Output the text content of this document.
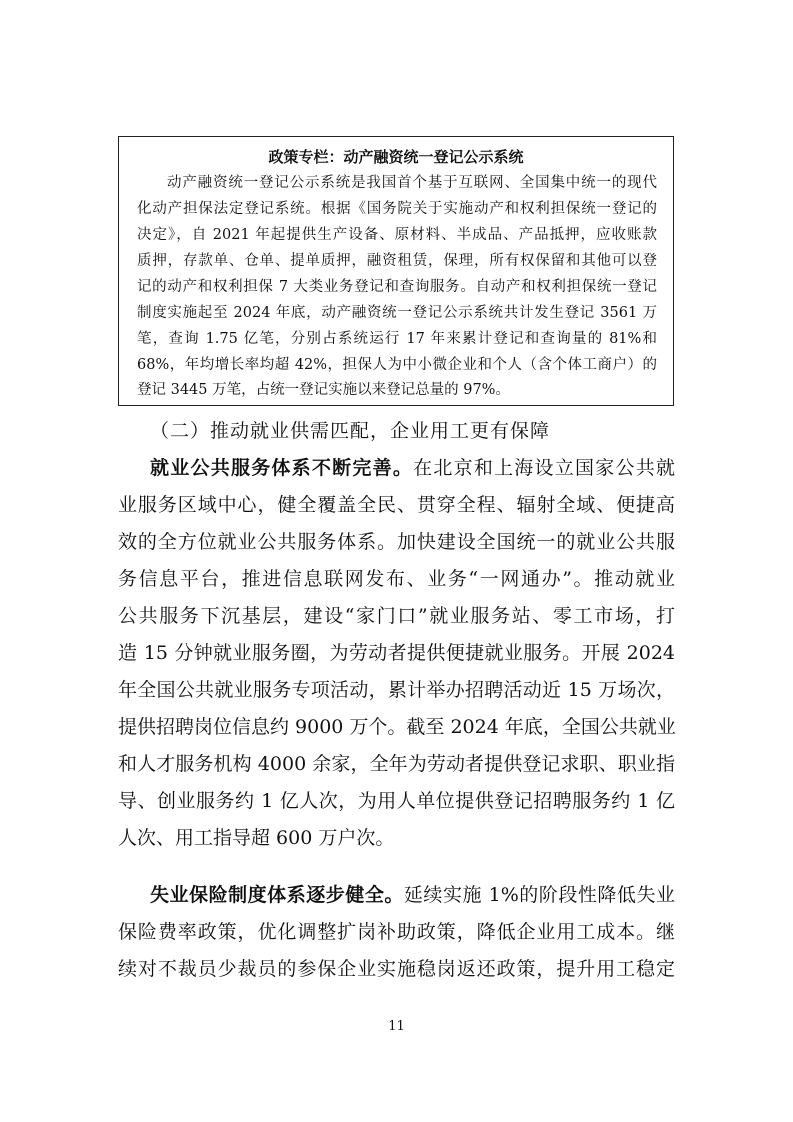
政策专栏：动产融资统一登记公示系统
动产融资统一登记公示系统是我国首个基于互联网、全国集中统一的现代
化动产担保法定登记系统。根据《国务院关于实施动产和权利担保统一登记的
决定》，自 2021 年起提供生产设备、原材料、半成品、产品抵押，应收账款
质押，存款单、仓单、提单质押，融资租赁，保理，所有权保留和其他可以登
记的动产和权利担保 7 大类业务登记和查询服务。自动产和权利担保统一登记
制度实施起至 2024 年底，动产融资统一登记公示系统共计发生登记 3561 万
笔，查询 1.75 亿笔，分别占系统运行 17 年来累计登记和查询量的 81%和
68%，年均增长率均超 42%，担保人为中小微企业和个人（含个体工商户）的
登记 3445 万笔，占统一登记实施以来登记总量的 97%。
（二）推动就业供需匹配，企业用工更有保障
就业公共服务体系不断完善。在北京和上海设立国家公共就
业服务区域中心，健全覆盖全民、贯穿全程、辐射全域、便捷高
效的全方位就业公共服务体系。加快建设全国统一的就业公共服
务信息平台，推进信息联网发布、业务“一网通办”。推动就业
公共服务下沉基层，建设“家门口”就业服务站、零工市场，打
造 15 分钟就业服务圈，为劳动者提供便捷就业服务。开展 2024
年全国公共就业服务专项活动，累计举办招聘活动近 15 万场次，
提供招聘岗位信息约 9000 万个。截至 2024 年底，全国公共就业
和人才服务机构 4000 余家，全年为劳动者提供登记求职、职业指
导、创业服务约 1 亿人次，为用人单位提供登记招聘服务约 1 亿
人次、用工指导超 600 万户次。
失业保险制度体系逐步健全。延续实施 1%的阶段性降低失业
保险费率政策，优化调整扩岗补助政策，降低企业用工成本。继
续对不裁员少裁员的参保企业实施稳岗返还政策，提升用工稳定
11
